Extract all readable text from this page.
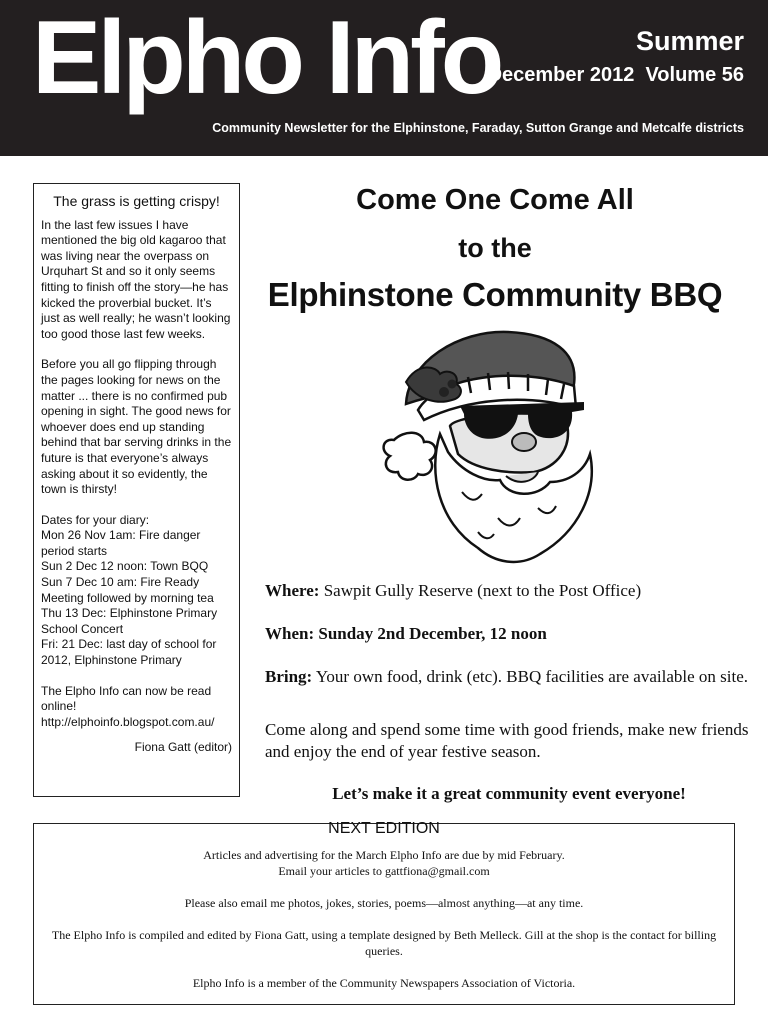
Elpho Info	Summer
December 2012  Volume 56
Community Newsletter for the Elphinstone, Faraday, Sutton Grange and Metcalfe districts
The grass is getting crispy!

In the last few issues I have mentioned the big old kagaroo that was living near the overpass on Urquhart St and so it only seems fitting to finish off the story—he has kicked the proverbial bucket. It’s just as well really; he wasn’t looking too good those last few weeks.

Before you all go flipping through the pages looking for news on the matter ... there is no confirmed pub opening in sight. The good news for whoever does end up standing behind that bar serving drinks in the future is that everyone’s always asking about it so evidently, the town is thirsty!

Dates for your diary:
Mon 26 Nov 1am: Fire danger period starts
Sun 2 Dec 12 noon: Town BQQ
Sun 7 Dec 10 am: Fire Ready Meeting followed by morning tea
Thu 13 Dec: Elphinstone Primary School Concert
Fri: 21 Dec: last day of school for 2012, Elphinstone Primary
The Elpho Info can now be read online!
http://elphoinfo.blogspot.com.au/
Fiona Gatt (editor)
Come One Come All
to the
Elphinstone Community BBQ
Where: Sawpit Gully Reserve (next to the Post Office)
When: Sunday 2nd December, 12 noon
Bring: Your own food, drink (etc). BBQ facilities are available on site.
Come along and spend some time with good friends, make new friends and enjoy the end of year festive season.
Let’s make it a great community event everyone!
NEXT EDITION

Articles and advertising for the March Elpho Info are due by mid February.

Email your articles to gattfiona@gmail.com

Please also email me photos, jokes, stories, poems—almost anything—at any time.

The Elpho Info is compiled and edited by Fiona Gatt, using a template designed by Beth Melleck. Gill at the shop is the contact for billing queries.

Elpho Info is a member of the Community Newspapers Association of Victoria.
